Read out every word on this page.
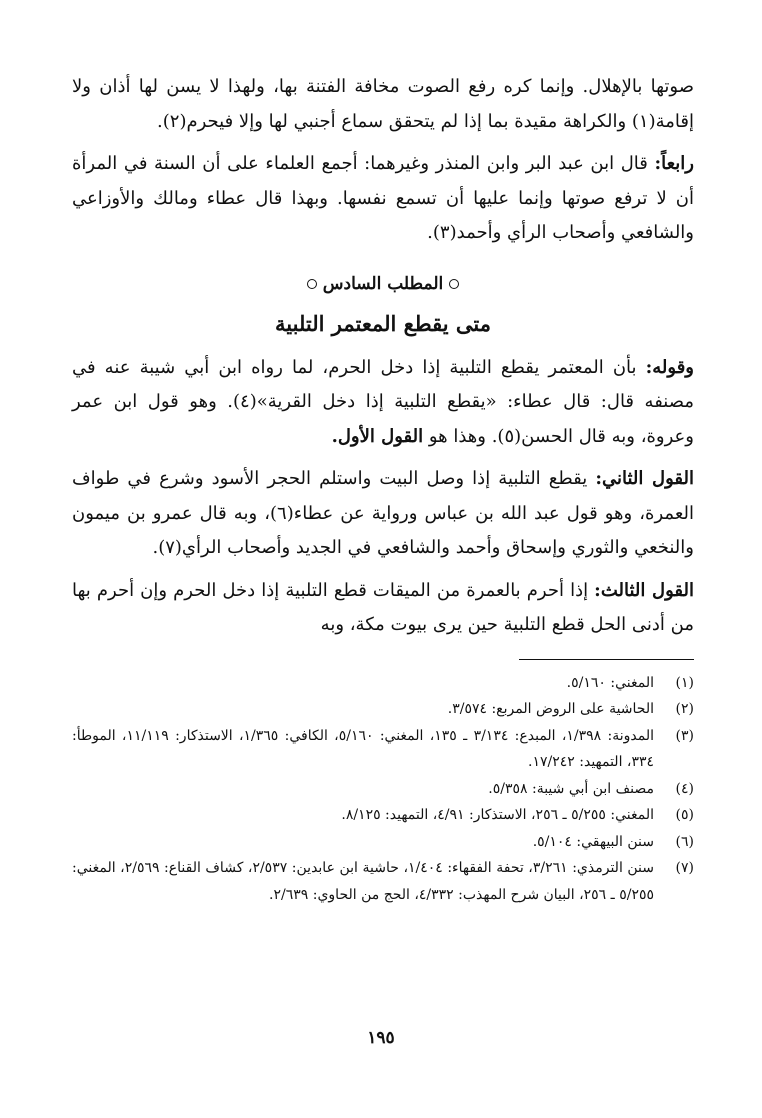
صوتها بالإهلال. وإنما كره رفع الصوت مخافة الفتنة بها، ولهذا لا يسن لها أذان ولا إقامة(١) والكراهة مقيدة بما إذا لم يتحقق سماع أجنبي لها وإلا فيحرم(٢).

رابعاً: قال ابن عبد البر وابن المنذر وغيرهما: أجمع العلماء على أن السنة في المرأة أن لا ترفع صوتها وإنما عليها أن تسمع نفسها. وبهذا قال عطاء ومالك والأوزاعي والشافعي وأصحاب الرأي وأحمد(٣).

المطلب السادس
متى يقطع المعتمر التلبية

وقوله: بأن المعتمر يقطع التلبية إذا دخل الحرم، لما رواه ابن أبي شيبة عنه في مصنفه قال: قال عطاء: «يقطع التلبية إذا دخل القرية»(٤). وهو قول ابن عمر وعروة، وبه قال الحسن(٥). وهذا هو القول الأول.

القول الثاني: يقطع التلبية إذا وصل البيت واستلم الحجر الأسود وشرع في طواف العمرة، وهو قول عبد الله بن عباس ورواية عن عطاء(٦)، وبه قال عمرو بن ميمون والنخعي والثوري وإسحاق وأحمد والشافعي في الجديد وأصحاب الرأي(٧).

القول الثالث: إذا أحرم بالعمرة من الميقات قطع التلبية إذا دخل الحرم وإن أحرم بها من أدنى الحل قطع التلبية حين يرى بيوت مكة، وبه

(١)
المغني: ٥/١٦٠.
(٢)
الحاشية على الروض المربع: ٣/٥٧٤.
(٣)
المدونة: ١/٣٩٨، المبدع: ٣/١٣٤ ـ ١٣٥، المغني: ٥/١٦٠، الكافي: ١/٣٦٥، الاستذكار: ١١/١١٩، الموطأ: ٣٣٤، التمهيد: ١٧/٢٤٢.
(٤)
مصنف ابن أبي شيبة: ٥/٣٥٨.
(٥)
المغني: ٥/٢٥٥ ـ ٢٥٦، الاستذكار: ٤/٩١، التمهيد: ٨/١٢٥.
(٦)
سنن البيهقي: ٥/١٠٤.
(٧)
سنن الترمذي: ٣/٢٦١، تحفة الفقهاء: ١/٤٠٤، حاشية ابن عابدين: ٢/٥٣٧، كشاف القناع: ٢/٥٦٩، المغني: ٥/٢٥٥ ـ ٢٥٦، البيان شرح المهذب: ٤/٣٣٢، الحج من الحاوي: ٢/٦٣٩.
١٩٥
